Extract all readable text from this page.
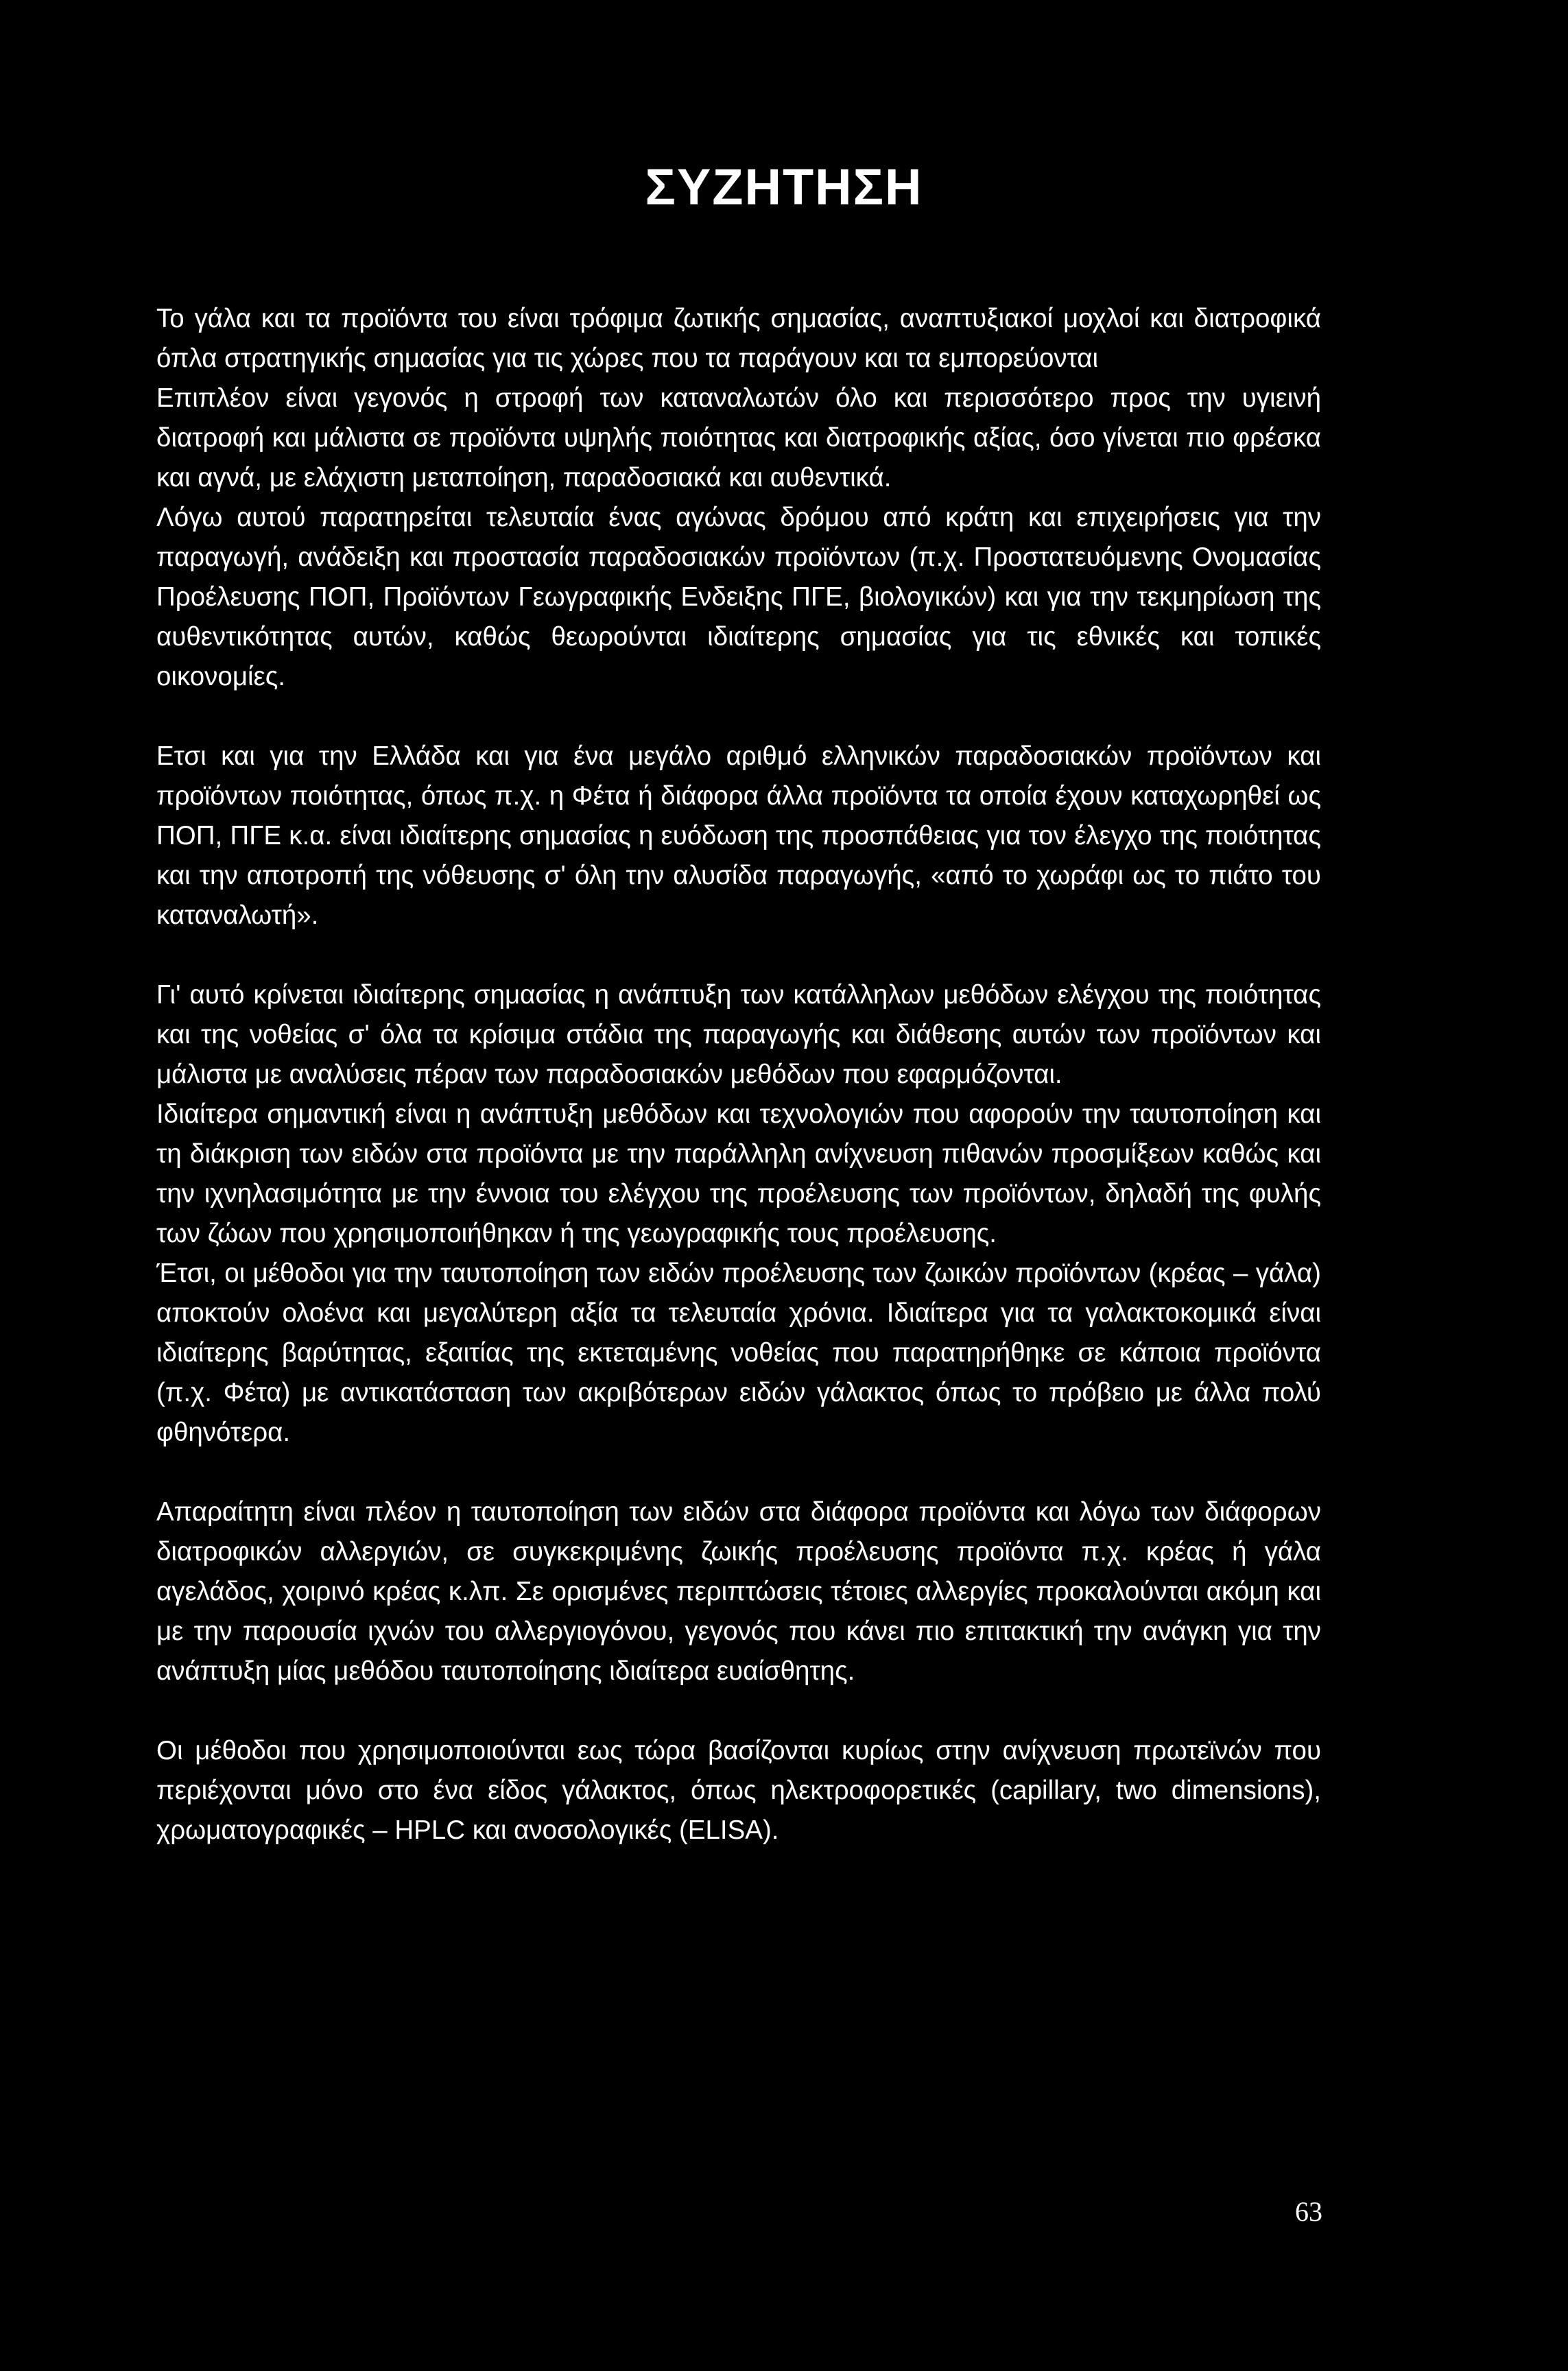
ΣΥΖΗΤΗΣΗ

Το γάλα και τα προϊόντα του είναι τρόφιμα ζωτικής σημασίας, αναπτυξιακοί μοχλοί και διατροφικά όπλα στρατηγικής σημασίας για τις χώρες που τα παράγουν και τα εμπορεύονται

Επιπλέον είναι γεγονός η στροφή των καταναλωτών όλο και περισσότερο προς την υγιεινή διατροφή και μάλιστα σε προϊόντα υψηλής ποιότητας και διατροφικής αξίας, όσο γίνεται πιο φρέσκα και αγνά, με ελάχιστη μεταποίηση, παραδοσιακά και αυθεντικά.

Λόγω αυτού παρατηρείται τελευταία ένας αγώνας δρόμου από κράτη και επιχειρήσεις για την παραγωγή, ανάδειξη και προστασία παραδοσιακών προϊόντων (π.χ. Προστατευόμενης Ονομασίας Προέλευσης ΠΟΠ, Προϊόντων Γεωγραφικής Ενδειξης ΠΓΕ, βιολογικών) και για την τεκμηρίωση της αυθεντικότητας αυτών, καθώς θεωρούνται ιδιαίτερης σημασίας για τις εθνικές και τοπικές οικονομίες.

Ετσι και για την Ελλάδα και για ένα μεγάλο αριθμό ελληνικών παραδοσιακών προϊόντων και προϊόντων ποιότητας, όπως π.χ. η Φέτα ή διάφορα άλλα προϊόντα τα οποία έχουν καταχωρηθεί ως ΠΟΠ, ΠΓΕ κ.α. είναι ιδιαίτερης σημασίας η ευόδωση της προσπάθειας για τον έλεγχο της ποιότητας και την αποτροπή της νόθευσης σ' όλη την αλυσίδα παραγωγής, «από το χωράφι ως το πιάτο του καταναλωτή».

Γι' αυτό κρίνεται ιδιαίτερης σημασίας η ανάπτυξη των κατάλληλων μεθόδων ελέγχου της ποιότητας και της νοθείας σ' όλα τα κρίσιμα στάδια της παραγωγής και διάθεσης αυτών των προϊόντων και μάλιστα με αναλύσεις πέραν των παραδοσιακών μεθόδων που εφαρμόζονται.

Ιδιαίτερα σημαντική είναι η ανάπτυξη μεθόδων και τεχνολογιών που αφορούν την ταυτοποίηση και τη διάκριση των ειδών στα προϊόντα με την παράλληλη ανίχνευση πιθανών προσμίξεων καθώς και την ιχνηλασιμότητα με την έννοια του ελέγχου της προέλευσης των προϊόντων, δηλαδή της φυλής των ζώων που χρησιμοποιήθηκαν ή της γεωγραφικής τους προέλευσης.

Έτσι, οι μέθοδοι για την ταυτοποίηση των ειδών προέλευσης των ζωικών προϊόντων (κρέας – γάλα) αποκτούν ολοένα και μεγαλύτερη αξία τα τελευταία χρόνια. Ιδιαίτερα για τα γαλακτοκομικά είναι ιδιαίτερης βαρύτητας, εξαιτίας της εκτεταμένης νοθείας που παρατηρήθηκε σε κάποια προϊόντα (π.χ. Φέτα) με αντικατάσταση των ακριβότερων ειδών γάλακτος όπως το πρόβειο με άλλα πολύ φθηνότερα.

Απαραίτητη είναι πλέον η ταυτοποίηση των ειδών στα διάφορα προϊόντα και λόγω των διάφορων διατροφικών αλλεργιών, σε συγκεκριμένης ζωικής προέλευσης προϊόντα π.χ. κρέας ή γάλα αγελάδος, χοιρινό κρέας κ.λπ. Σε ορισμένες περιπτώσεις τέτοιες αλλεργίες προκαλούνται ακόμη και με την παρουσία ιχνών του αλλεργιογόνου, γεγονός που κάνει πιο επιτακτική την ανάγκη για την ανάπτυξη μίας μεθόδου ταυτοποίησης ιδιαίτερα ευαίσθητης.

Οι μέθοδοι που χρησιμοποιούνται εως τώρα βασίζονται κυρίως στην ανίχνευση πρωτεϊνών που περιέχονται μόνο στο ένα είδος γάλακτος, όπως ηλεκτροφορετικές (capillary, two dimensions), χρωματογραφικές – HPLC και ανοσολογικές (ELISA).

63
